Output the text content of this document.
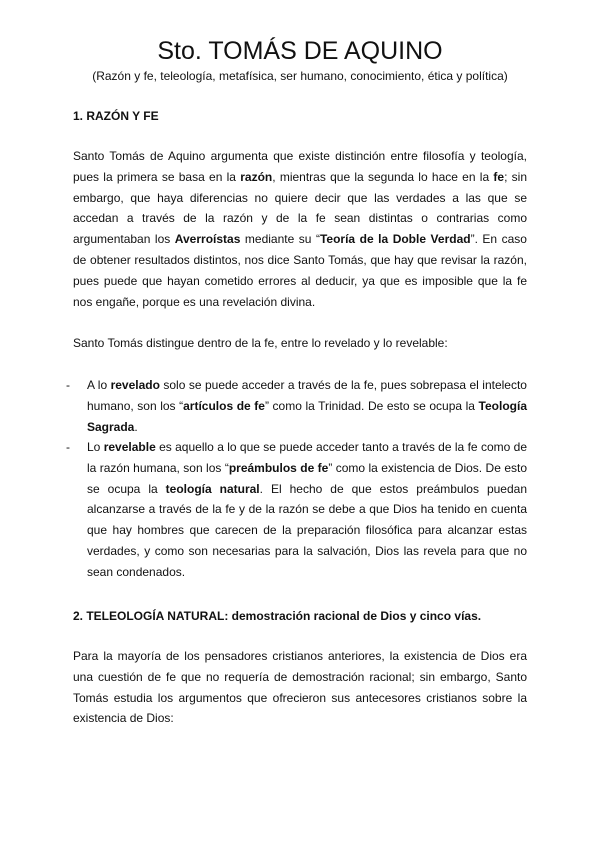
Sto. TOMÁS DE AQUINO
(Razón y fe, teleología, metafísica, ser humano, conocimiento, ética y política)
1. RAZÓN Y FE
Santo Tomás de Aquino argumenta que existe distinción entre filosofía y teología, pues la primera se basa en la razón, mientras que la segunda lo hace en la fe; sin embargo, que haya diferencias no quiere decir que las verdades a las que se accedan a través de la razón y de la fe sean distintas o contrarias como argumentaban los Averroístas mediante su “Teoría de la Doble Verdad”. En caso de obtener resultados distintos, nos dice Santo Tomás, que hay que revisar la razón, pues puede que hayan cometido errores al deducir, ya que es imposible que la fe nos engañe, porque es una revelación divina.
Santo Tomás distingue dentro de la fe, entre lo revelado y lo revelable:
- A lo revelado solo se puede acceder a través de la fe, pues sobrepasa el intelecto humano, son los “artículos de fe” como la Trinidad. De esto se ocupa la Teología Sagrada.
- Lo revelable es aquello a lo que se puede acceder tanto a través de la fe como de la razón humana, son los “preámbulos de fe” como la existencia de Dios. De esto se ocupa la teología natural. El hecho de que estos preámbulos puedan alcanzarse a través de la fe y de la razón se debe a que Dios ha tenido en cuenta que hay hombres que carecen de la preparación filosófica para alcanzar estas verdades, y como son necesarias para la salvación, Dios las revela para que no sean condenados.
2. TELEOLOGÍA NATURAL: demostración racional de Dios y cinco vías.
Para la mayoría de los pensadores cristianos anteriores, la existencia de Dios era una cuestión de fe que no requería de demostración racional; sin embargo, Santo Tomás estudia los argumentos que ofrecieron sus antecesores cristianos sobre la existencia de Dios:
